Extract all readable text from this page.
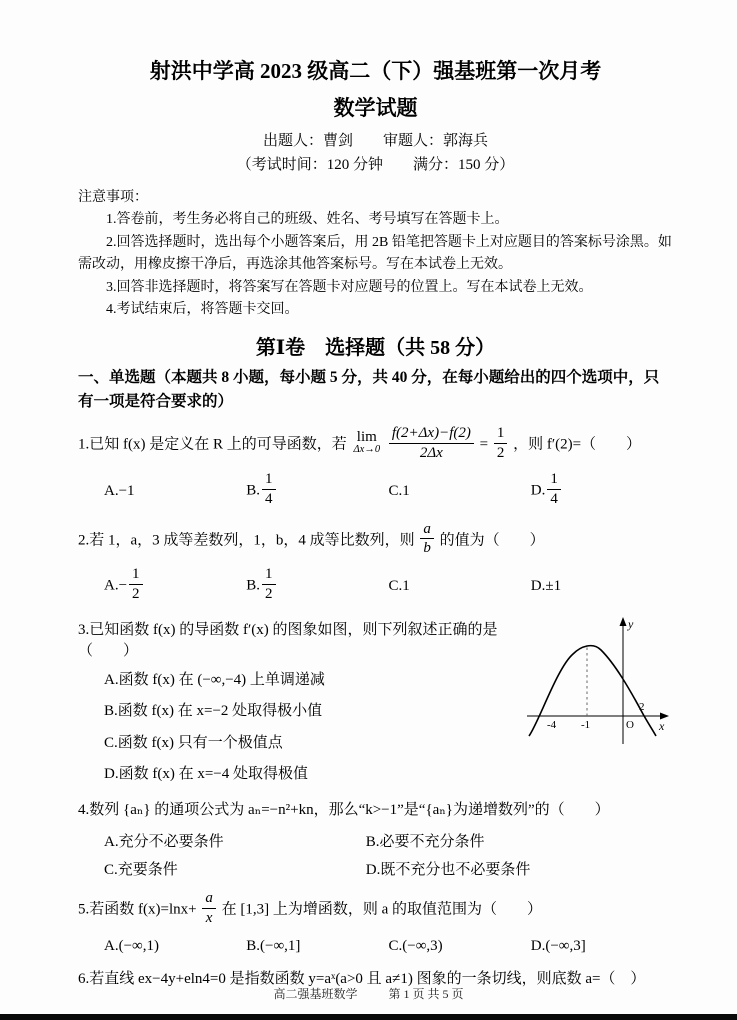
射洪中学高 2023 级高二（下）强基班第一次月考
数学试题
出题人：曹剑　　审题人：郭海兵
（考试时间：120 分钟　　满分：150 分）

注意事项：

1.答卷前，考生务必将自己的班级、姓名、考号填写在答题卡上。

2.回答选择题时，选出每个小题答案后，用 2B 铅笔把答题卡上对应题目的答案标号涂黑。如需改动，用橡皮擦干净后，再选涂其他答案标号。写在本试卷上无效。

3.回答非选择题时，将答案写在答题卡对应题号的位置上。写在本试卷上无效。

4.考试结束后，将答题卡交回。

第Ⅰ卷　选择题（共 58 分）
一、单选题（本题共 8 小题，每小题 5 分，共 40 分，在每小题给出的四个选项中，只有一项是符合要求的）
1.已知 f(x) 是定义在 R 上的可导函数，若
lim
Δx→0
$\frac{f(2+\Delta x)-f(2)}{2\Delta x} = \frac{1}{2}$ ，则 f′(2)=（　　）
A.−1	B. $\frac{1}{4}$	C.1	D. $\frac{1}{4}$
2.若 1，a，3 成等差数列，1，b，4 成等比数列，则 $\frac{a}{b}$ 的值为（　　）
$A.- \frac{1}{2}$	B. $\frac{1}{2}$	C.1	D.±1
y
x
O
-4 -1
2
3.已知函数 f(x) 的导函数 f′(x) 的图象如图，则下列叙述正确的是（　　）
A.函数 f(x) 在 (−∞,−4) 上单调递减
B.函数 f(x) 在 x=−2 处取得极小值
C.函数 f(x) 只有一个极值点
D.函数 f(x) 在 x=−4 处取得极值
4.数列 {aₙ} 的通项公式为 aₙ=−n²+kn，那么“k>−1”是“{aₙ}为递增数列”的（　　）
A.充分不必要条件	B.必要不充分条件
C.充要条件	D.既不充分也不必要条件
5.若函数 $f(x)=\ln x+ \frac{a}{x}$ 在 [1,3] 上为增函数，则 a 的取值范围为（　　）
A.(−∞,1)	B.(−∞,1]	C.(−∞,3)	D.(−∞,3]
6.若直线 ex−4y+eln4=0 是指数函数 y=aˣ(a>0 且 a≠1) 图象的一条切线，则底数 a=（　）
高二强基班数学	第 1 页 共 5 页
